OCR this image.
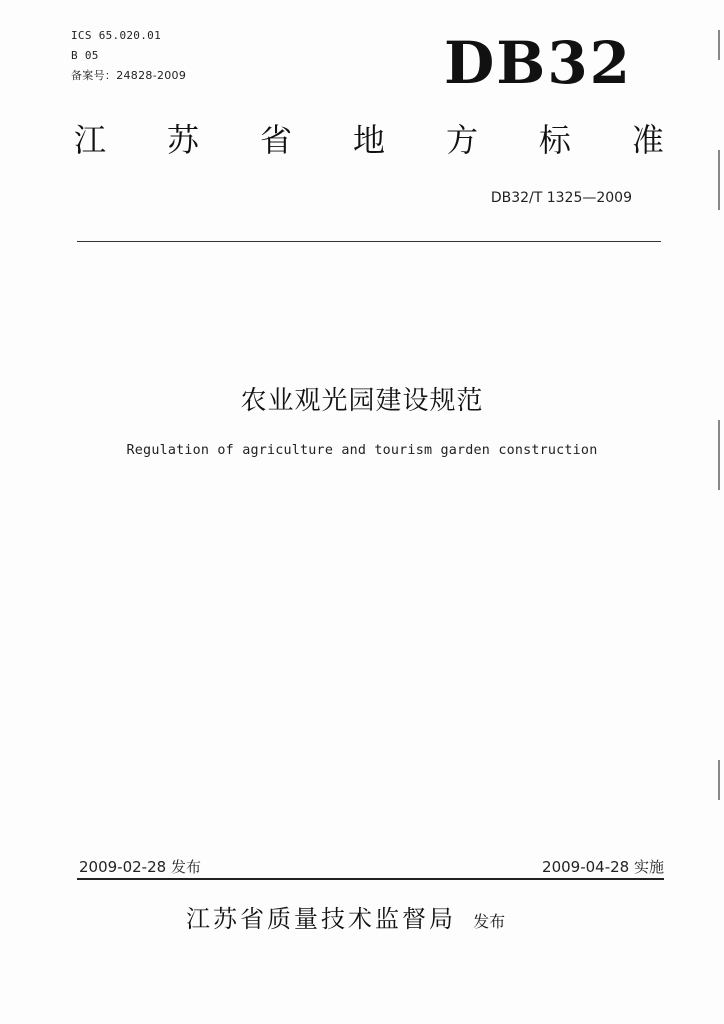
ICS 65.020.01
B 05
备案号：24828-2009	DB32
江 苏 省 地 方 标 准
DB32/T 1325—2009
农业观光园建设规范
Regulation of agriculture and tourism garden construction
2009-02-28 发布	2009-04-28 实施
江苏省质量技术监督局 发布
